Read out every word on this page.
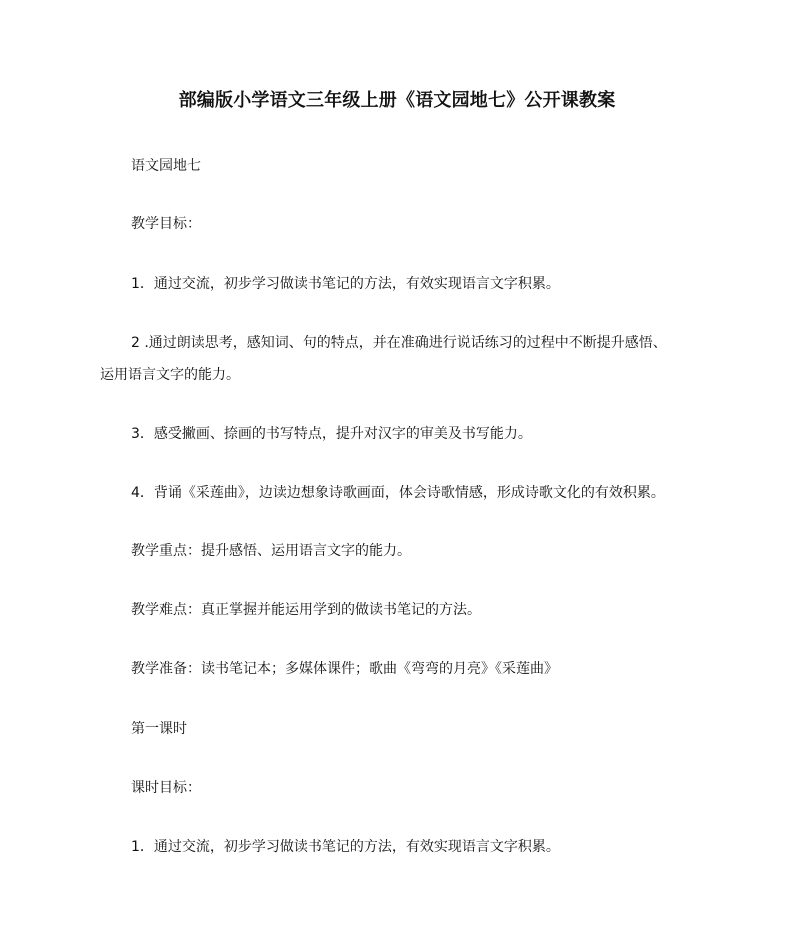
部编版小学语文三年级上册《语文园地七》公开课教案
语文园地七
教学目标：
1．通过交流，初步学习做读书笔记的方法，有效实现语言文字积累。
2 .通过朗读思考，感知词、句的特点，并在准确进行说话练习的过程中不断提升感悟、
运用语言文字的能力。
3．感受撇画、捺画的书写特点，提升对汉字的审美及书写能力。
4．背诵《采莲曲》，边读边想象诗歌画面，体会诗歌情感，形成诗歌文化的有效积累。
教学重点：提升感悟、运用语言文字的能力。
教学难点：真正掌握并能运用学到的做读书笔记的方法。
教学准备：读书笔记本；多媒体课件；歌曲《弯弯的月亮》《采莲曲》
第一课时
课时目标：
1．通过交流，初步学习做读书笔记的方法，有效实现语言文字积累。
